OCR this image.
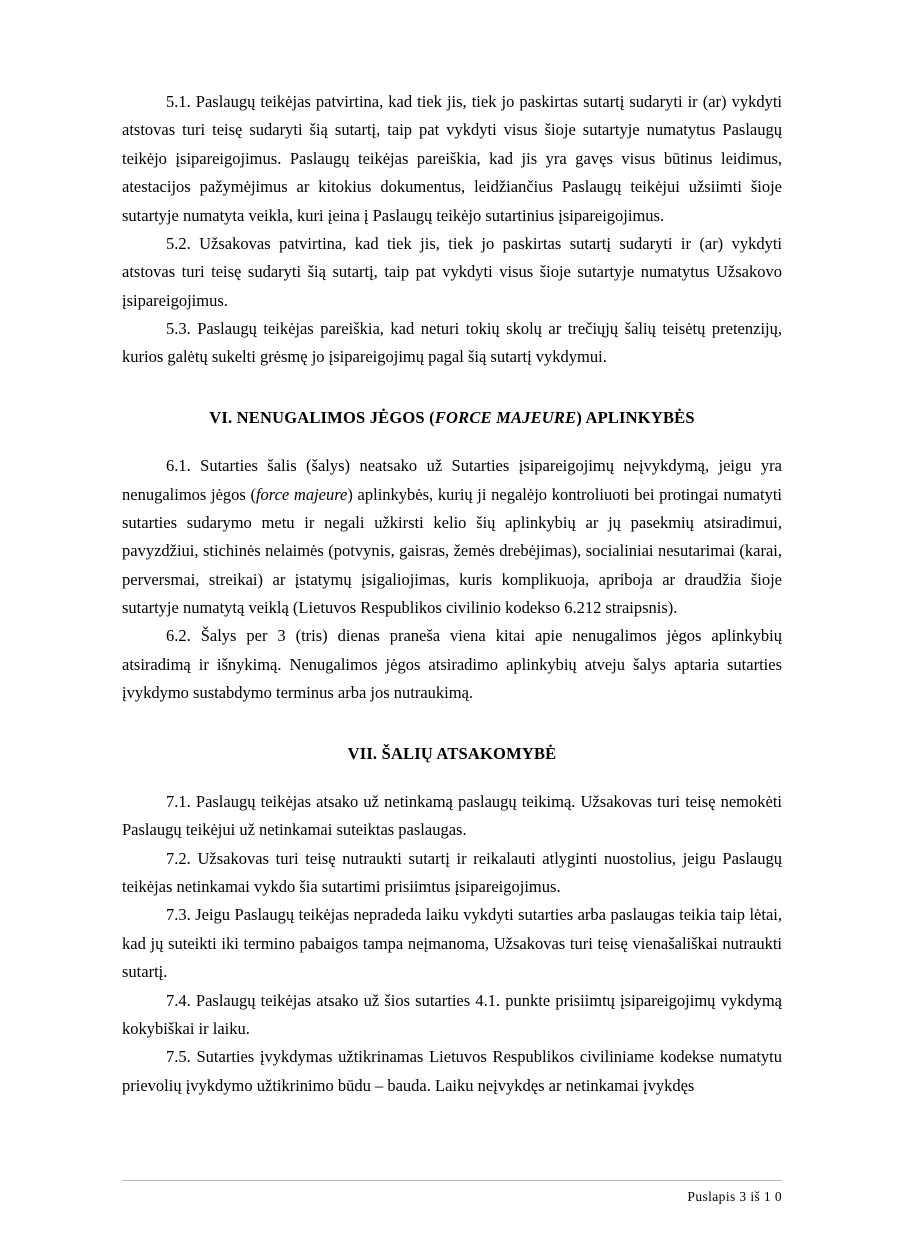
5.1. Paslaugų teikėjas patvirtina, kad tiek jis, tiek jo paskirtas sutartį sudaryti ir (ar) vykdyti atstovas turi teisę sudaryti šią sutartį, taip pat vykdyti visus šioje sutartyje numatytus Paslaugų teikėjo įsipareigojimus. Paslaugų teikėjas pareiškia, kad jis yra gavęs visus būtinus leidimus, atestacijos pažymėjimus ar kitokius dokumentus, leidžiančius Paslaugų teikėjui užsiimti šioje sutartyje numatyta veikla, kuri įeina į Paslaugų teikėjo sutartinius įsipareigojimus.

5.2. Užsakovas patvirtina, kad tiek jis, tiek jo paskirtas sutartį sudaryti ir (ar) vykdyti atstovas turi teisę sudaryti šią sutartį, taip pat vykdyti visus šioje sutartyje numatytus Užsakovo įsipareigojimus.

5.3. Paslaugų teikėjas pareiškia, kad neturi tokių skolų ar trečiųjų šalių teisėtų pretenzijų, kurios galėtų sukelti grėsmę jo įsipareigojimų pagal šią sutartį vykdymui.

VI. NENUGALIMOS JĖGOS (FORCE MAJEURE) APLINKYBĖS

6.1. Sutarties šalis (šalys) neatsako už Sutarties įsipareigojimų neįvykdymą, jeigu yra nenugalimos jėgos (force majeure) aplinkybės, kurių ji negalėjo kontroliuoti bei protingai numatyti sutarties sudarymo metu ir negali užkirsti kelio šių aplinkybių ar jų pasekmių atsiradimui, pavyzdžiui, stichinės nelaimės (potvynis, gaisras, žemės drebėjimas), socialiniai nesutarimai (karai, perversmai, streikai) ar įstatymų įsigaliojimas, kuris komplikuoja, apriboja ar draudžia šioje sutartyje numatytą veiklą (Lietuvos Respublikos civilinio kodekso 6.212 straipsnis).

6.2. Šalys per 3 (tris) dienas praneša viena kitai apie nenugalimos jėgos aplinkybių atsiradimą ir išnykimą. Nenugalimos jėgos atsiradimo aplinkybių atveju šalys aptaria sutarties įvykdymo sustabdymo terminus arba jos nutraukimą.

VII. ŠALIŲ ATSAKOMYBĖ

7.1. Paslaugų teikėjas atsako už netinkamą paslaugų teikimą. Užsakovas turi teisę nemokėti Paslaugų teikėjui už netinkamai suteiktas paslaugas.

7.2. Užsakovas turi teisę nutraukti sutartį ir reikalauti atlyginti nuostolius, jeigu Paslaugų teikėjas netinkamai vykdo šia sutartimi prisiimtus įsipareigojimus.

7.3. Jeigu Paslaugų teikėjas nepradeda laiku vykdyti sutarties arba paslaugas teikia taip lėtai, kad jų suteikti iki termino pabaigos tampa neįmanoma, Užsakovas turi teisę vienašališkai nutraukti sutartį.

7.4. Paslaugų teikėjas atsako už šios sutarties 4.1. punkte prisiimtų įsipareigojimų vykdymą kokybiškai ir laiku.

7.5. Sutarties įvykdymas užtikrinamas Lietuvos Respublikos civiliniame kodekse numatytu prievolių įvykdymo užtikrinimo būdu – bauda. Laiku neįvykdęs ar netinkamai įvykdęs

Puslapis 3 iš 1 0
